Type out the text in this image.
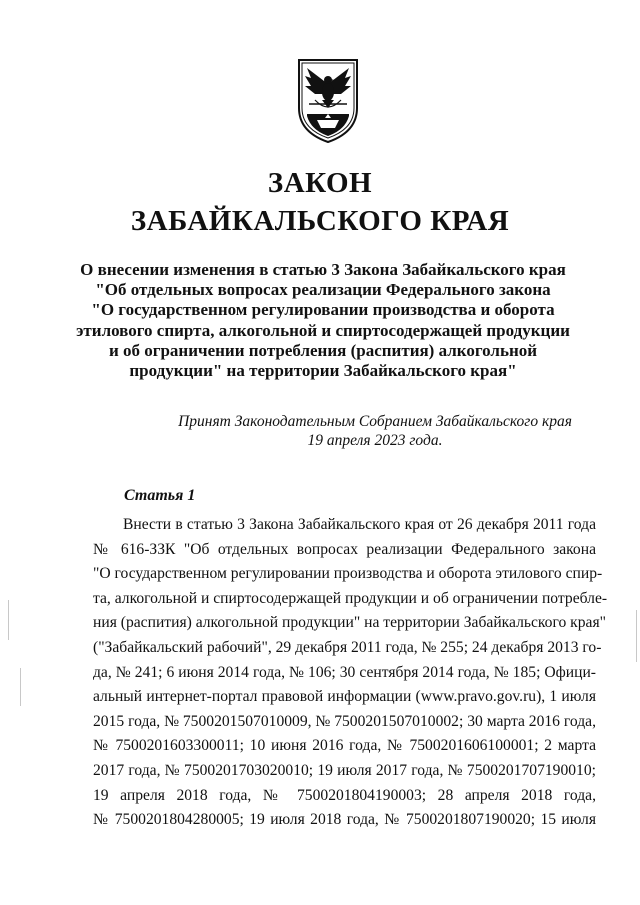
ЗАКОН
ЗАБАЙКАЛЬСКОГО КРАЯ
О внесении изменения в статью 3 Закона Забайкальского края
"Об отдельных вопросах реализации Федерального закона
"О государственном регулировании производства и оборота
этилового спирта, алкогольной и спиртосодержащей продукции
и об ограничении потребления (распития) алкогольной
продукции" на территории Забайкальского края"
Принят Законодательным Собранием Забайкальского края
19 апреля 2023 года.
Статья 1
Внести в статью 3 Закона Забайкальского края от 26 декабря 2011 года
№ 616-ЗЗК "Об отдельных вопросах реализации Федерального закона
"О государственном регулировании производства и оборота этилового спир-
та, алкогольной и спиртосодержащей продукции и об ограничении потребле-
ния (распития) алкогольной продукции" на территории Забайкальского края"
("Забайкальский рабочий", 29 декабря 2011 года, № 255; 24 декабря 2013 го-
да, № 241; 6 июня 2014 года, № 106; 30 сентября 2014 года, № 185; Офици-
альный интернет-портал правовой информации (www.pravo.gov.ru), 1 июля
2015 года, № 7500201507010009, № 7500201507010002; 30 марта 2016 года,
№ 7500201603300011; 10 июня 2016 года, № 7500201606100001; 2 марта
2017 года, № 7500201703020010; 19 июля 2017 года, № 7500201707190010;
19 апреля 2018 года, № 7500201804190003; 28 апреля 2018 года,
№ 7500201804280005; 19 июля 2018 года, № 7500201807190020; 15 июля
